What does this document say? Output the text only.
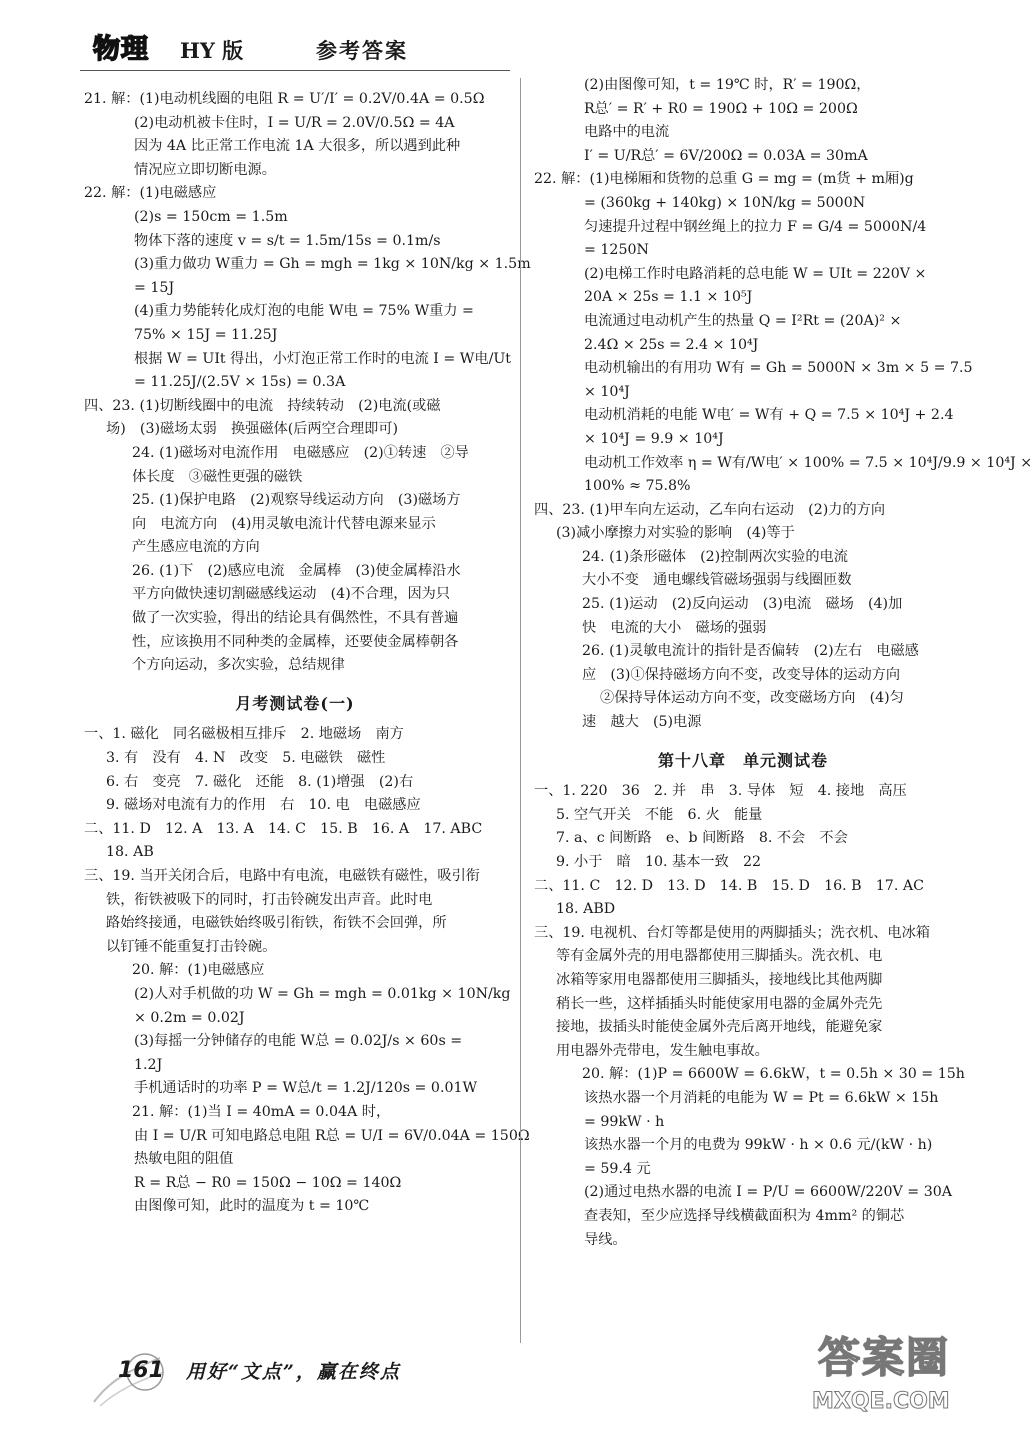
物理 HY 版	参考答案
21. 解：(1)电动机线圈的电阻 R = U′/I′ = 0.2V/0.4A = 0.5Ω
(2)电动机被卡住时，I = U/R = 2.0V/0.5Ω = 4A
因为 4A 比正常工作电流 1A 大很多，所以遇到此种
情况应立即切断电源。
22. 解：(1)电磁感应
(2)s = 150cm = 1.5m
物体下落的速度 v = s/t = 1.5m/15s = 0.1m/s
(3)重力做功 W重力 = Gh = mgh = 1kg × 10N/kg × 1.5m
= 15J
(4)重力势能转化成灯泡的电能 W电 = 75% W重力 =
75% × 15J = 11.25J
根据 W = UIt 得出，小灯泡正常工作时的电流 I = W电/Ut
= 11.25J/(2.5V × 15s) = 0.3A
四、23. (1)切断线圈中的电流　持续转动　(2)电流(或磁
场)　(3)磁场太弱　换强磁体(后两空合理即可)
24. (1)磁场对电流作用　电磁感应　(2)①转速　②导
体长度　③磁性更强的磁铁
25. (1)保护电路　(2)观察导线运动方向　(3)磁场方
向　电流方向　(4)用灵敏电流计代替电源来显示
产生感应电流的方向
26. (1)下　(2)感应电流　金属棒　(3)使金属棒沿水
平方向做快速切割磁感线运动　(4)不合理，因为只
做了一次实验，得出的结论具有偶然性，不具有普遍
性，应该换用不同种类的金属棒，还要使金属棒朝各
个方向运动，多次实验，总结规律
月考测试卷(一)
一、1. 磁化　同名磁极相互排斥　2. 地磁场　南方
3. 有　没有　4. N　改变　5. 电磁铁　磁性
6. 右　变亮　7. 磁化　还能　8. (1)增强　(2)右
9. 磁场对电流有力的作用　右　10. 电　电磁感应
二、11. D　12. A　13. A　14. C　15. B　16. A　17. ABC
18. AB
三、19. 当开关闭合后，电路中有电流，电磁铁有磁性，吸引衔
铁，衔铁被吸下的同时，打击铃碗发出声音。此时电
路始终接通，电磁铁始终吸引衔铁，衔铁不会回弹，所
以钉锤不能重复打击铃碗。
20. 解：(1)电磁感应
(2)人对手机做的功 W = Gh = mgh = 0.01kg × 10N/kg
× 0.2m = 0.02J
(3)每摇一分钟储存的电能 W总 = 0.02J/s × 60s =
1.2J
手机通话时的功率 P = W总/t = 1.2J/120s = 0.01W
21. 解：(1)当 I = 40mA = 0.04A 时，
由 I = U/R 可知电路总电阻 R总 = U/I = 6V/0.04A = 150Ω
热敏电阻的阻值
R = R总 − R0 = 150Ω − 10Ω = 140Ω
由图像可知，此时的温度为 t = 10℃
(2)由图像可知，t = 19℃ 时，R′ = 190Ω，
R总′ = R′ + R0 = 190Ω + 10Ω = 200Ω
电路中的电流
I′ = U/R总′ = 6V/200Ω = 0.03A = 30mA
22. 解：(1)电梯厢和货物的总重 G = mg = (m货 + m厢)g
= (360kg + 140kg) × 10N/kg = 5000N
匀速提升过程中钢丝绳上的拉力 F = G/4 = 5000N/4
= 1250N
(2)电梯工作时电路消耗的总电能 W = UIt = 220V ×
20A × 25s = 1.1 × 10⁵J
电流通过电动机产生的热量 Q = I²Rt = (20A)² ×
2.4Ω × 25s = 2.4 × 10⁴J
电动机输出的有用功 W有 = Gh = 5000N × 3m × 5 = 7.5
× 10⁴J
电动机消耗的电能 W电′ = W有 + Q = 7.5 × 10⁴J + 2.4
× 10⁴J = 9.9 × 10⁴J
电动机工作效率 η = W有/W电′ × 100% = 7.5 × 10⁴J/9.9 × 10⁴J ×
100% ≈ 75.8%
四、23. (1)甲车向左运动，乙车向右运动　(2)力的方向
(3)减小摩擦力对实验的影响　(4)等于
24. (1)条形磁体　(2)控制两次实验的电流
大小不变　通电螺线管磁场强弱与线圈匝数
25. (1)运动　(2)反向运动　(3)电流　磁场　(4)加
快　电流的大小　磁场的强弱
26. (1)灵敏电流计的指针是否偏转　(2)左右　电磁感
应　(3)①保持磁场方向不变，改变导体的运动方向
②保持导体运动方向不变，改变磁场方向　(4)匀
速　越大　(5)电源
第十八章　单元测试卷
一、1. 220　36　2. 并　串　3. 导体　短　4. 接地　高压
5. 空气开关　不能　6. 火　能量
7. a、c 间断路　e、b 间断路　8. 不会　不会
9. 小于　暗　10. 基本一致　22
二、11. C　12. D　13. D　14. B　15. D　16. B　17. AC
18. ABD
三、19. 电视机、台灯等都是使用的两脚插头；洗衣机、电冰箱
等有金属外壳的用电器都使用三脚插头。洗衣机、电
冰箱等家用电器都使用三脚插头，接地线比其他两脚
稍长一些，这样插插头时能使家用电器的金属外壳先
接地，拔插头时能使金属外壳后离开地线，能避免家
用电器外壳带电，发生触电事故。
20. 解：(1)P = 6600W = 6.6kW，t = 0.5h × 30 = 15h
该热水器一个月消耗的电能为 W = Pt = 6.6kW × 15h
= 99kW · h
该热水器一个月的电费为 99kW · h × 0.6 元/(kW · h)
= 59.4 元
(2)通过电热水器的电流 I = P/U = 6600W/220V = 30A
查表知，至少应选择导线横截面积为 4mm² 的铜芯
导线。
161 用好“文点”，赢在终点	答案圈
MXQE.COM
